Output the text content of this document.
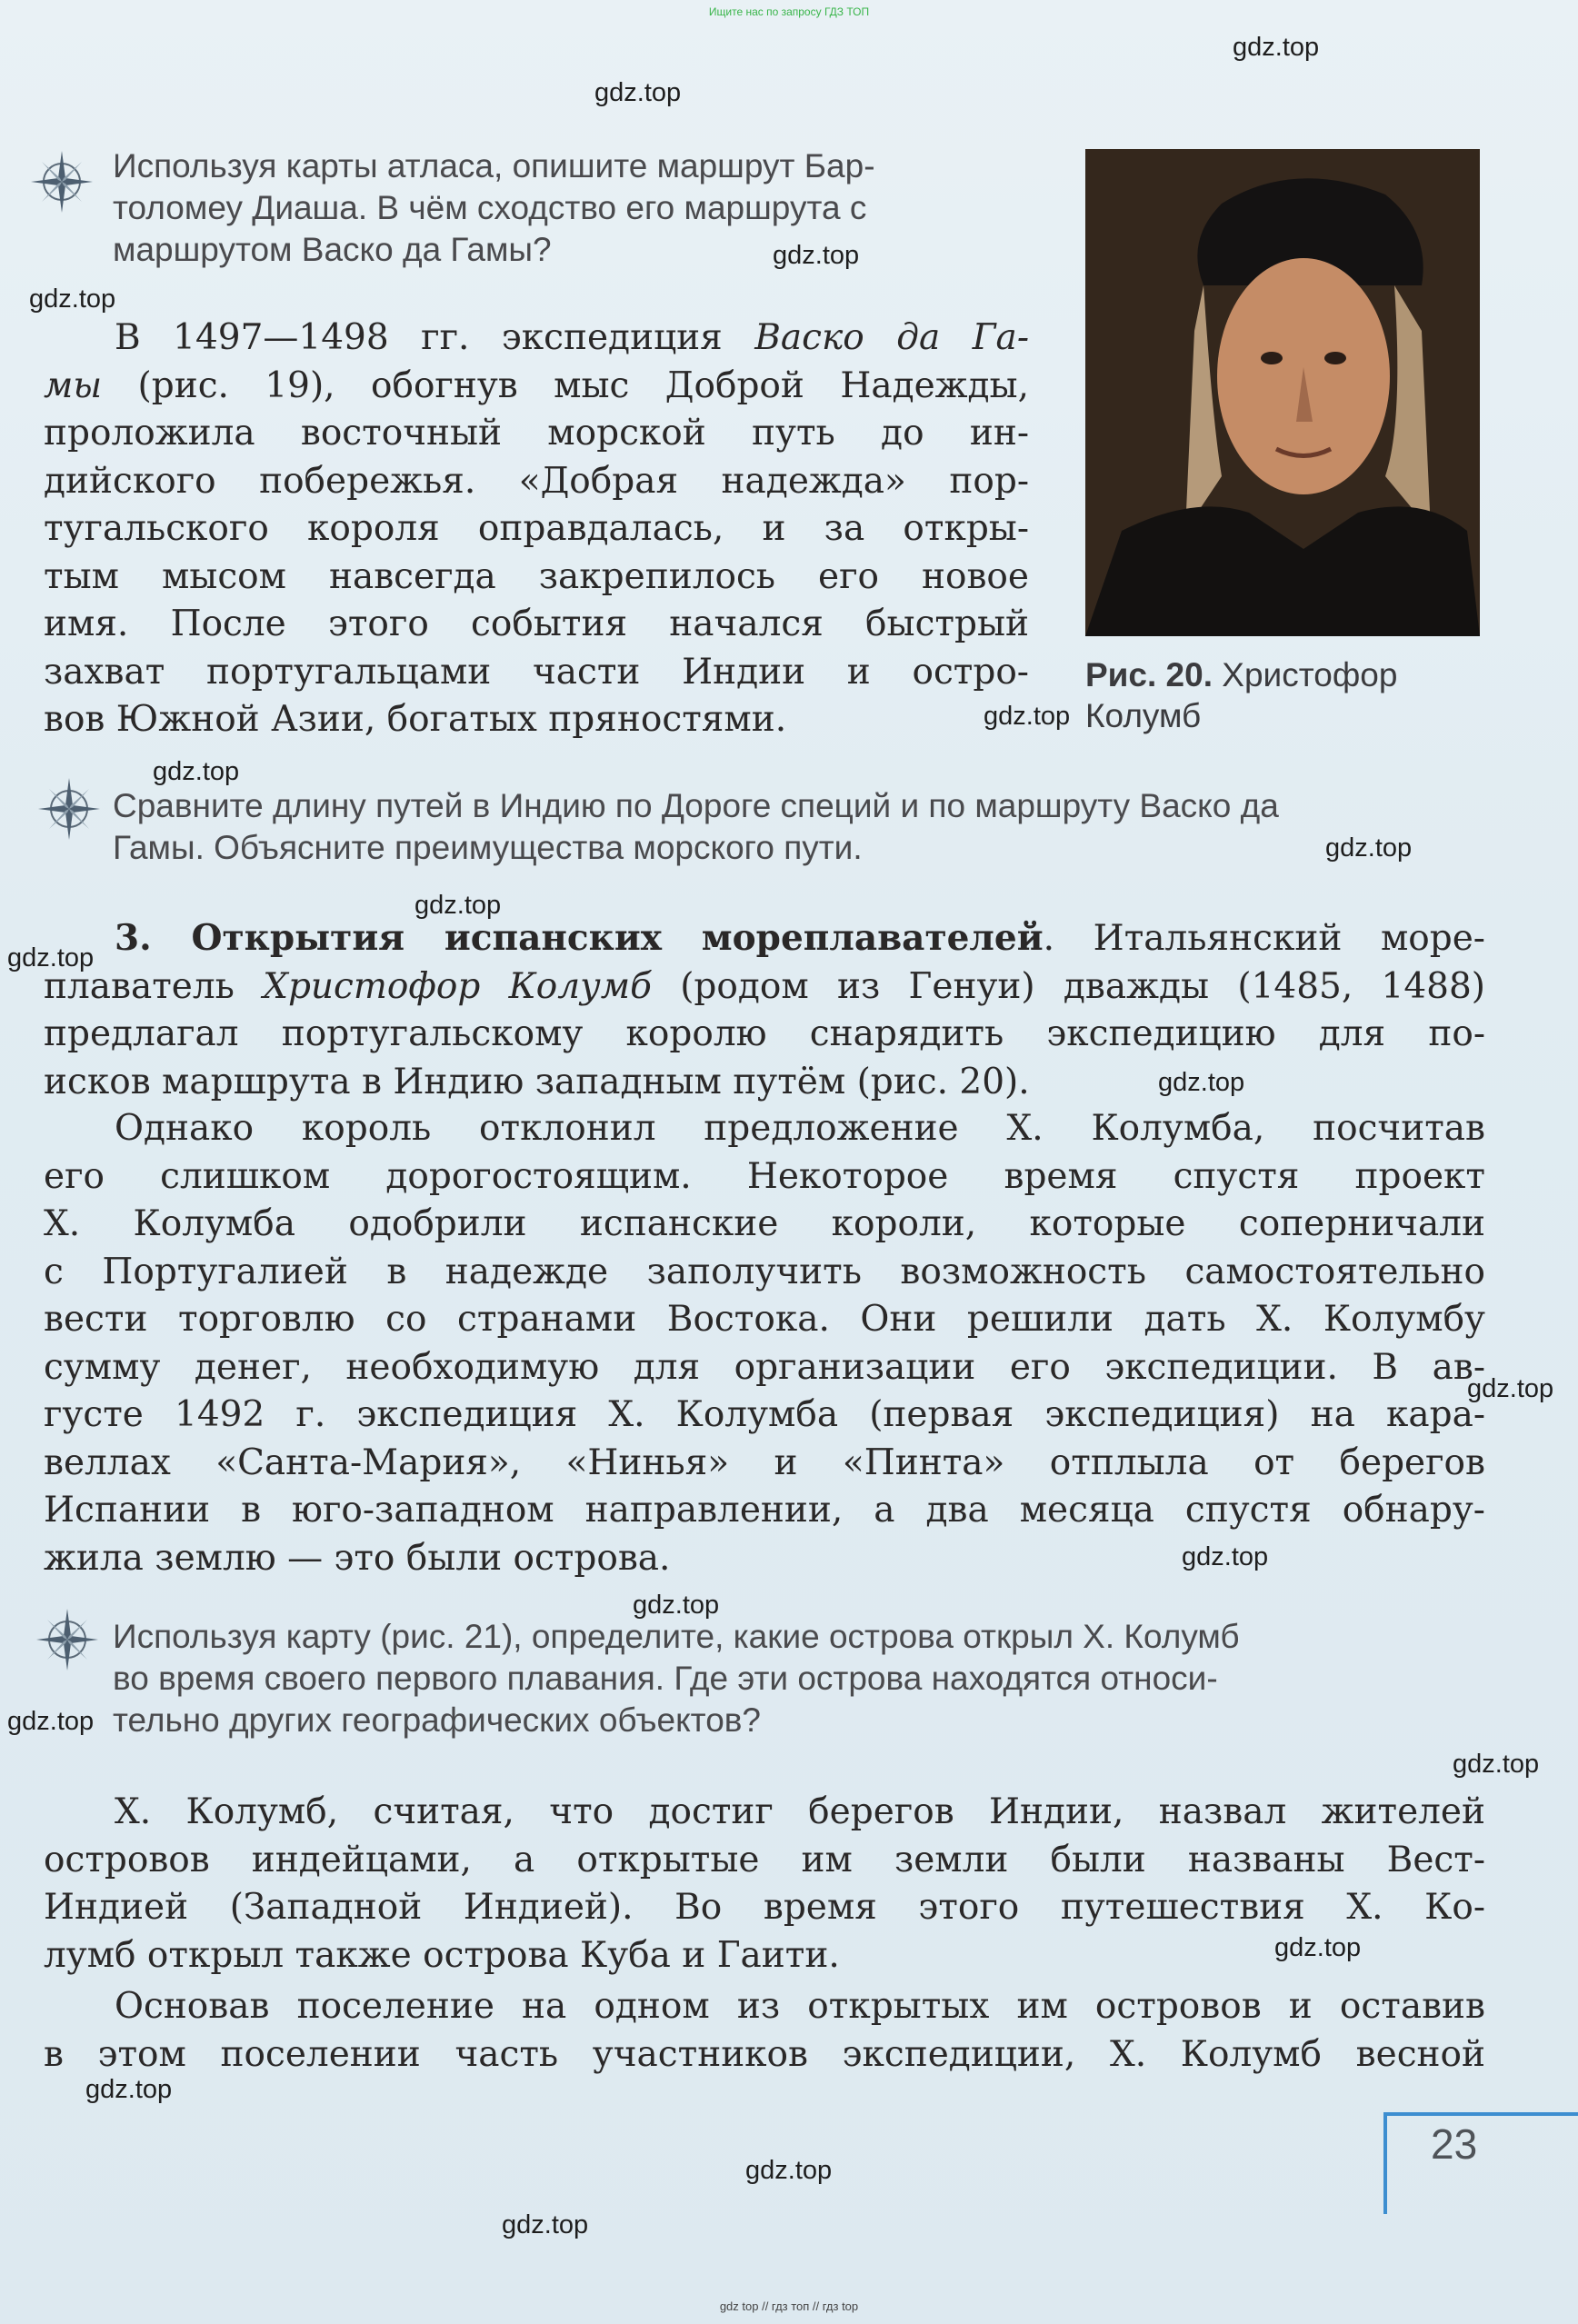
Ищите нас по запросу ГДЗ ТОП
gdz.top
gdz.top
gdz.top
gdz.top
gdz.top
gdz.top
gdz.top
gdz.top
gdz.top
gdz.top
gdz.top
gdz.top
gdz.top
gdz.top
gdz.top
gdz.top
gdz.top
gdz.top
gdz.top
Используя карты атласа, опишите маршрут Бар-
толомеу Диаша. В чём сходство его маршрута с
маршрутом Васко да Гамы?
В 1497—1498 гг. экспедиция Васко да Га-
мы (рис. 19), обогнув мыс Доброй Надежды,
проложила восточный морской путь до ин-
дийского побережья. «Добрая надежда» пор-
тугальского короля оправдалась, и за откры-
тым мысом навсегда закрепилось его новое
имя. После этого события начался быстрый
захват португальцами части Индии и остро-
вов Южной Азии, богатых пряностями.
Рис. 20. Христофор
Колумб
Сравните длину путей в Индию по Дороге специй и по маршруту Васко да
Гамы. Объясните преимущества морского пути.
3. Открытия испанских мореплавателей. Итальянский море-
плаватель Христофор Колумб (родом из Генуи) дважды (1485, 1488)
предлагал португальскому королю снарядить экспедицию для по-
исков маршрута в Индию западным путём (рис. 20).
Однако король отклонил предложение Х. Колумба, посчитав
его слишком дорогостоящим. Некоторое время спустя проект
Х. Колумба одобрили испанские короли, которые соперничали
с Португалией в надежде заполучить возможность самостоятельно
вести торговлю со странами Востока. Они решили дать Х. Колумбу
сумму денег, необходимую для организации его экспедиции. В ав-
густе 1492 г. экспедиция Х. Колумба (первая экспедиция) на кара-
веллах «Санта-Мария», «Нинья» и «Пинта» отплыла от берегов
Испании в юго-западном направлении, а два месяца спустя обнару-
жила землю — это были острова.
Используя карту (рис. 21), определите, какие острова открыл Х. Колумб
во время своего первого плавания. Где эти острова находятся относи-
тельно других географических объектов?
Х. Колумб, считая, что достиг берегов Индии, назвал жителей
островов индейцами, а открытые им земли были названы Вест-
Индией (Западной Индией). Во время этого путешествия Х. Ко-
лумб открыл также острова Куба и Гаити.
Основав поселение на одном из открытых им островов и оставив
в этом поселении часть участников экспедиции, Х. Колумб весной
23
gdz top // гдз топ // гдз top
